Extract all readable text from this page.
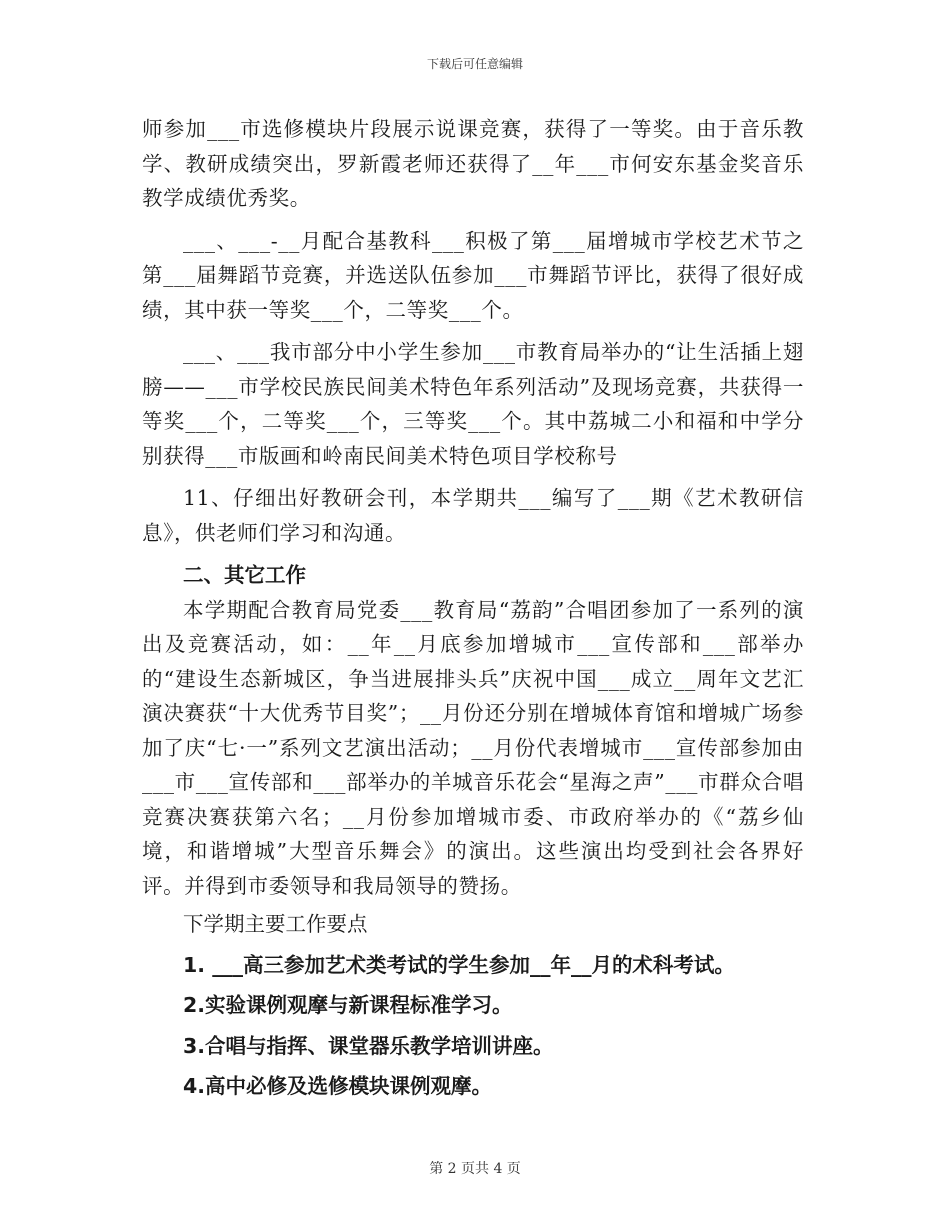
下载后可任意编辑

师参加___市选修模块片段展示说课竞赛，获得了一等奖。由于音乐教学、教研成绩突出，罗新霞老师还获得了__年___市何安东基金奖音乐教学成绩优秀奖。

___、___-__月配合基教科___积极了第___届增城市学校艺术节之第___届舞蹈节竞赛，并选送队伍参加___市舞蹈节评比，获得了很好成绩，其中获一等奖___个，二等奖___个。

___、___我市部分中小学生参加___市教育局举办的“让生活插上翅膀——___市学校民族民间美术特色年系列活动”及现场竞赛，共获得一等奖___个，二等奖___个，三等奖___个。其中荔城二小和福和中学分别获得___市版画和岭南民间美术特色项目学校称号

11、仔细出好教研会刊，本学期共___编写了___期《艺术教研信息》，供老师们学习和沟通。

二、其它工作

本学期配合教育局党委___教育局“荔韵”合唱团参加了一系列的演出及竞赛活动，如：__年__月底参加增城市___宣传部和___部举办的“建设生态新城区，争当进展排头兵”庆祝中国___成立__周年文艺汇演决赛获“十大优秀节目奖”；__月份还分别在增城体育馆和增城广场参加了庆“七·一”系列文艺演出活动；__月份代表增城市___宣传部参加由___市___宣传部和___部举办的羊城音乐花会“星海之声”___市群众合唱竞赛决赛获第六名；__月份参加增城市委、市政府举办的《“荔乡仙境，和谐增城”大型音乐舞会》的演出。这些演出均受到社会各界好评。并得到市委领导和我局领导的赞扬。

下学期主要工作要点

1. ___高三参加艺术类考试的学生参加__年__月的术科考试。

2.实验课例观摩与新课程标准学习。

3.合唱与指挥、课堂器乐教学培训讲座。

4.高中必修及选修模块课例观摩。

第 2 页共 4 页
